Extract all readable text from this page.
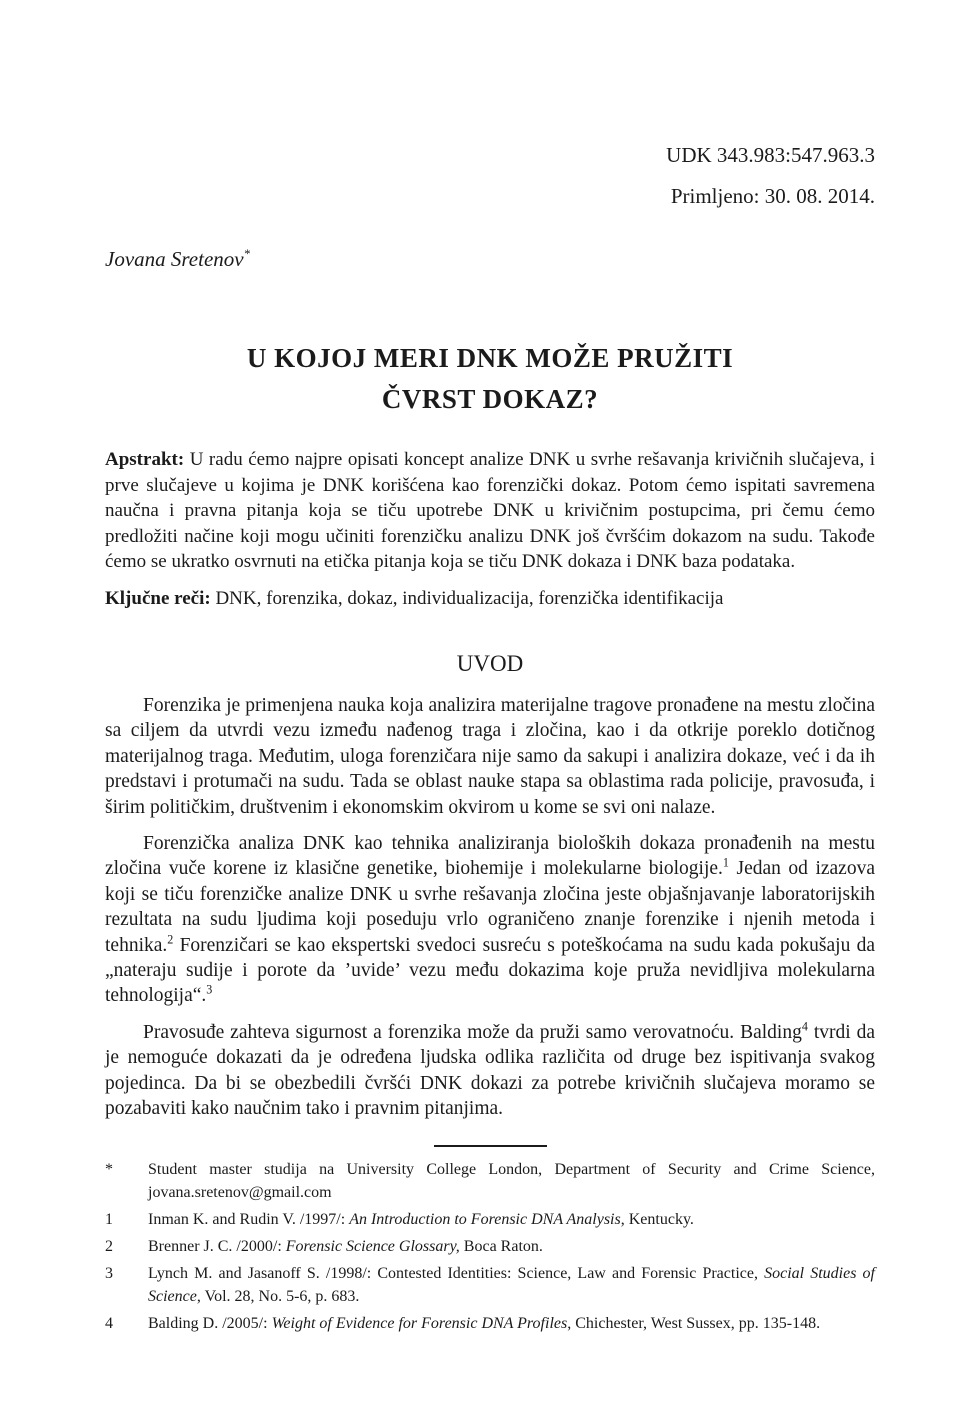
UDK 343.983:547.963.3
Primljeno: 30. 08. 2014.
Jovana Sretenov*
U KOJOJ MERI DNK MOŽE PRUŽITI
ČVRST DOKAZ?

Apstrakt: U radu ćemo najpre opisati koncept analize DNK u svrhe rešavanja krivičnih slučajeva, i prve slučajeve u kojima je DNK korišćena kao forenzički dokaz. Potom ćemo ispitati savremena naučna i pravna pitanja koja se tiču upotrebe DNK u krivičnim postupcima, pri čemu ćemo predložiti načine koji mogu učiniti forenzičku analizu DNK još čvršćim dokazom na sudu. Takođe ćemo se ukratko osvrnuti na etička pitanja koja se tiču DNK dokaza i DNK baza podataka.

Ključne reči: DNK, forenzika, dokaz, individualizacija, forenzička identifikacija

UVOD

Forenzika je primenjena nauka koja analizira materijalne tragove pronađene na mestu zločina sa ciljem da utvrdi vezu između nađenog traga i zločina, kao i da otkrije poreklo dotičnog materijalnog traga. Međutim, uloga forenzičara nije samo da sakupi i analizira dokaze, već i da ih predstavi i protumači na sudu. Tada se oblast nauke stapa sa oblastima rada policije, pravosuđa, i širim političkim, društvenim i ekonomskim okvirom u kome se svi oni nalaze.

Forenzička analiza DNK kao tehnika analiziranja bioloških dokaza pronađenih na mestu zločina vuče korene iz klasične genetike, biohemije i molekularne biologije.$^1$ Jedan od izazova koji se tiču forenzičke analize DNK u svrhe rešavanja zločina jeste objašnjavanje laboratorijskih rezultata na sudu ljudima koji poseduju vrlo ograničeno znanje forenzike i njenih metoda i tehnika.$^2$ Forenzičari se kao ekspertski svedoci susreću s poteškoćama na sudu kada pokušaju da „nateraju sudije i porote da ’uvide’ vezu među dokazima koje pruža nevidljiva molekularna tehnologija“.$^3$

Pravosuđe zahteva sigurnost a forenzika može da pruži samo verovatnoću. Balding$^4$ tvrdi da je nemoguće dokazati da je određena ljudska odlika različita od druge bez ispitivanja svakog pojedinca. Da bi se obezbedili čvršći DNK dokazi za potrebe krivičnih slučajeva moramo se pozabaviti kako naučnim tako i pravnim pitanjima.

*	Student master studija na University College London, Department of Security and Crime Science, jovana.sretenov@gmail.com
1	Inman K. and Rudin V. /1997/: An Introduction to Forensic DNA Analysis, Kentucky.
2	Brenner J. C. /2000/: Forensic Science Glossary, Boca Raton.
3	Lynch M. and Jasanoff S. /1998/: Contested Identities: Science, Law and Forensic Practice, Social Studies of Science, Vol. 28, No. 5-6, p. 683.
4	Balding D. /2005/: Weight of Evidence for Forensic DNA Profiles, Chichester, West Sussex, pp. 135-148.
